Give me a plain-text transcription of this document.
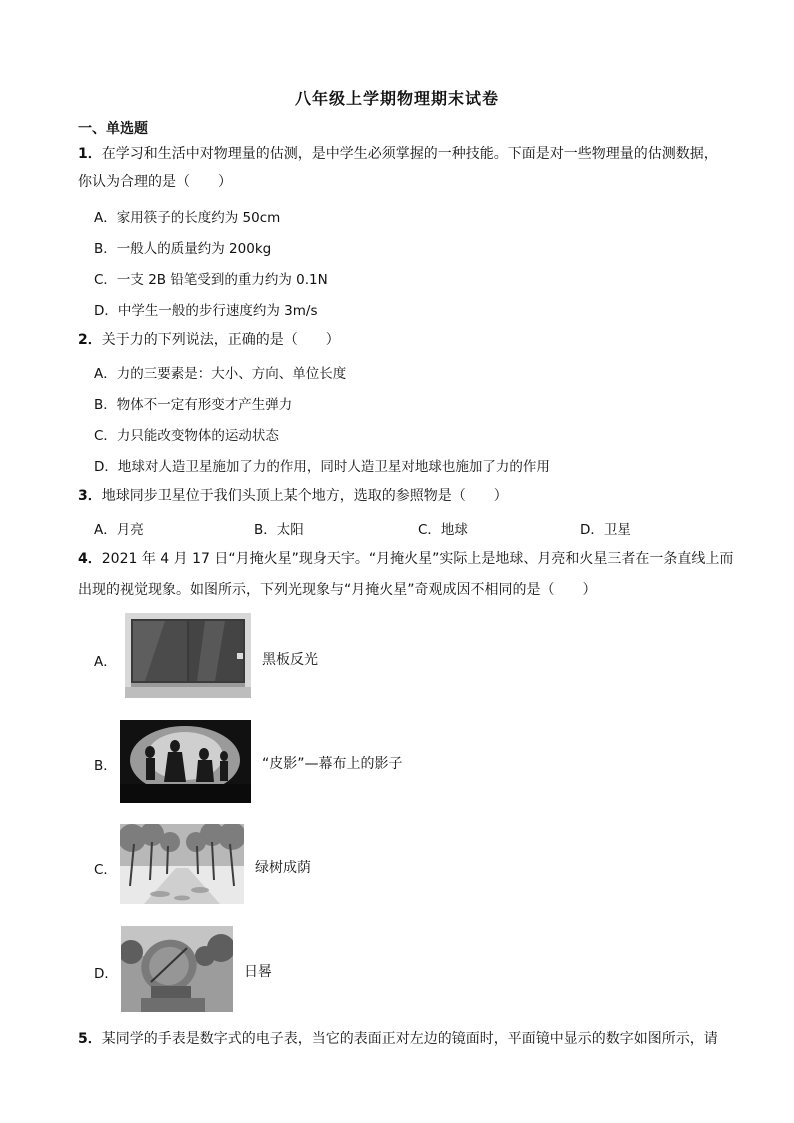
八年级上学期物理期末试卷
一、单选题
1．在学习和生活中对物理量的估测，是中学生必须掌握的一种技能。下面是对一些物理量的估测数据，
你认为合理的是（　　）
A．家用筷子的长度约为 50cm
B．一般人的质量约为 200kg
C．一支 2B 铅笔受到的重力约为 0.1N
D．中学生一般的步行速度约为 3m/s
2．关于力的下列说法，正确的是（　　）
A．力的三要素是：大小、方向、单位长度
B．物体不一定有形变才产生弹力
C．力只能改变物体的运动状态
D．地球对人造卫星施加了力的作用，同时人造卫星对地球也施加了力的作用
3．地球同步卫星位于我们头顶上某个地方，选取的参照物是（　　）
A．月亮	B．太阳	C．地球	D．卫星
4．2021 年 4 月 17 日“月掩火星”现身天宇。“月掩火星”实际上是地球、月亮和火星三者在一条直线上而
出现的视觉现象。如图所示，下列光现象与“月掩火星”奇观成因不相同的是（　　）
A．	黑板反光
B．	“皮影”—幕布上的影子
C．	绿树成荫
D．	日晷
5．某同学的手表是数字式的电子表，当它的表面正对左边的镜面时，平面镜中显示的数字如图所示，请
